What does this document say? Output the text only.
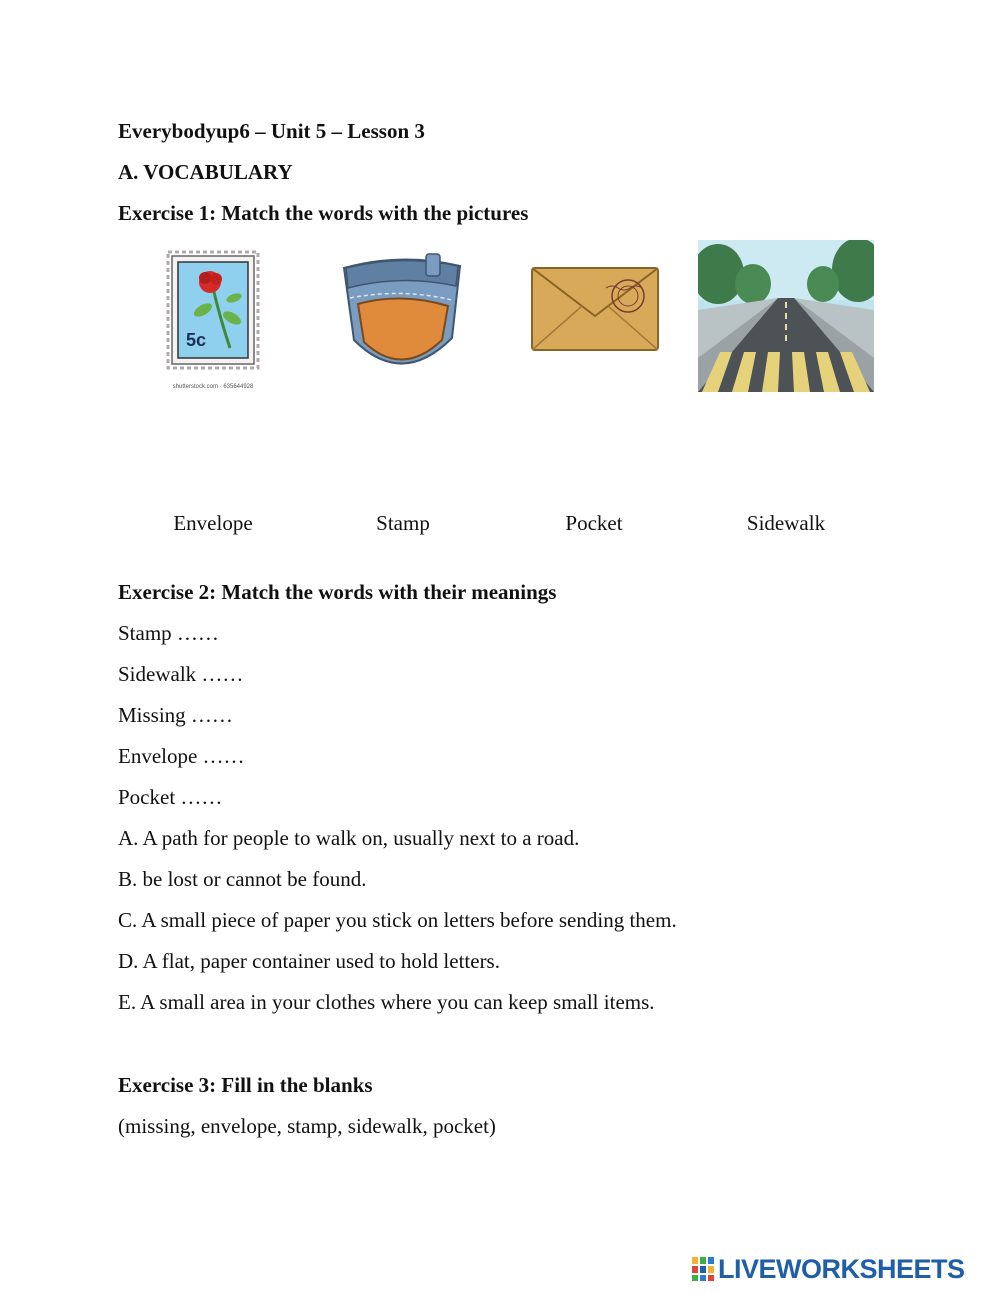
Everybodyup6 – Unit 5 – Lesson 3
A. VOCABULARY
Exercise 1: Match the words with the pictures
5c
shutterstock.com · 635644928
Envelope	Stamp	Pocket	Sidewalk
Exercise 2: Match the words with their meanings
Stamp ……
Sidewalk ……
Missing ……
Envelope ……
Pocket ……
A. A path for people to walk on, usually next to a road.
B. be lost or cannot be found.
C. A small piece of paper you stick on letters before sending them.
D. A flat, paper container used to hold letters.
E. A small area in your clothes where you can keep small items.
Exercise 3: Fill in the blanks
(missing, envelope, stamp, sidewalk, pocket)
LIVEWORKSHEETS
